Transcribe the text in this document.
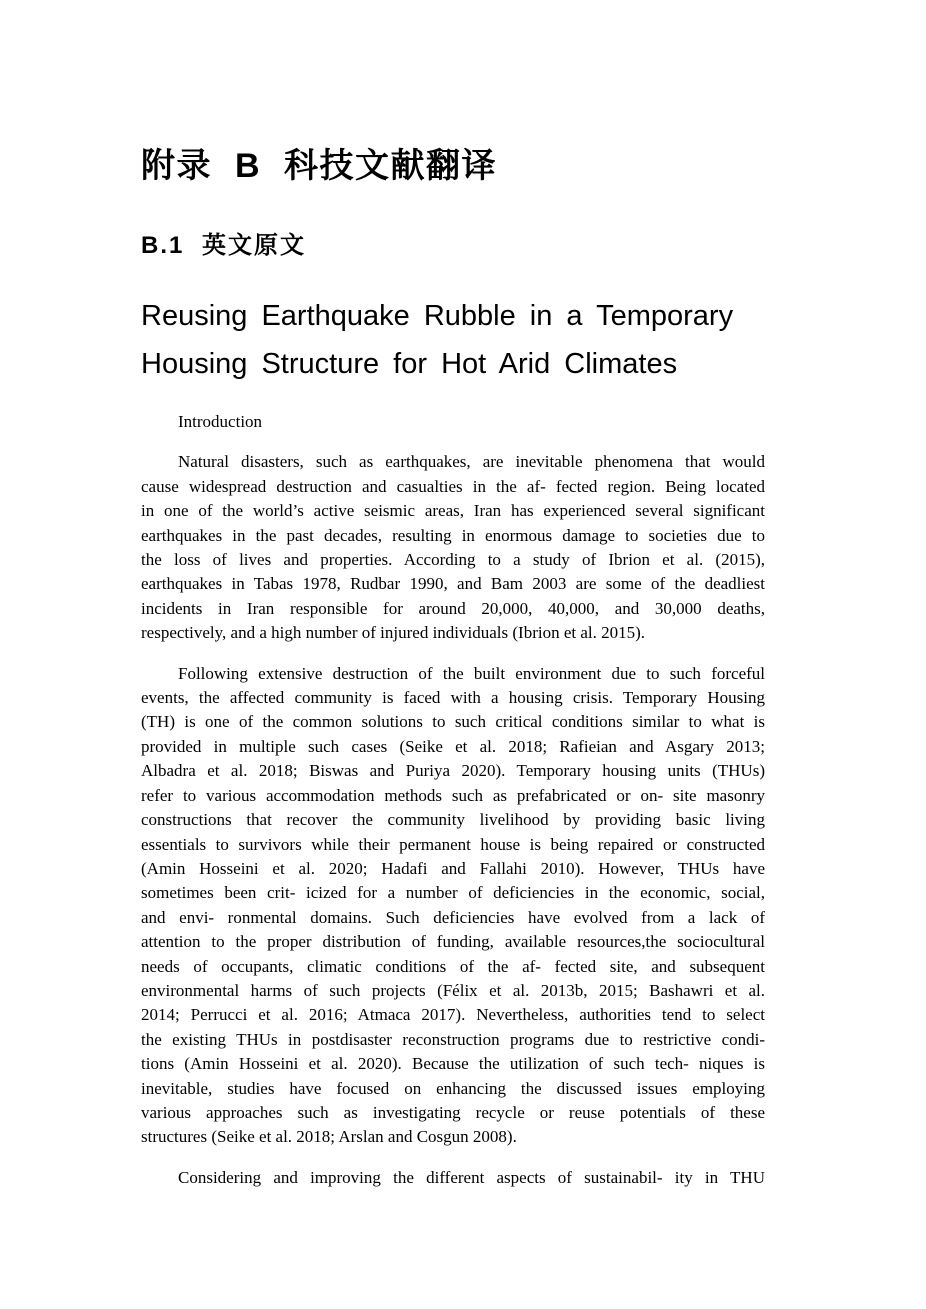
附录 B 科技文献翻译
B.1 英文原文
Reusing Earthquake Rubble in a Temporary
Housing Structure for Hot Arid Climates
Introduction
Natural disasters, such as earthquakes, are inevitable phenomena that would
cause widespread destruction and casualties in the af- fected region. Being located
in one of the world’s active seismic areas, Iran has experienced several significant
earthquakes in the past decades, resulting in enormous damage to societies due to
the loss of lives and properties. According to a study of Ibrion et al. (2015),
earthquakes in Tabas 1978, Rudbar 1990, and Bam 2003 are some of the deadliest
incidents in Iran responsible for around 20,000, 40,000, and 30,000 deaths,
respectively, and a high number of injured individuals (Ibrion et al. 2015).
Following extensive destruction of the built environment due to such forceful
events, the affected community is faced with a housing crisis. Temporary Housing
(TH) is one of the common solutions to such critical conditions similar to what is
provided in multiple such cases (Seike et al. 2018; Rafieian and Asgary 2013;
Albadra et al. 2018; Biswas and Puriya 2020). Temporary housing units (THUs)
refer to various accommodation methods such as prefabricated or on- site masonry
constructions that recover the community livelihood by providing basic living
essentials to survivors while their permanent house is being repaired or constructed
(Amin Hosseini et al. 2020; Hadafi and Fallahi 2010). However, THUs have
sometimes been crit- icized for a number of deficiencies in the economic, social,
and envi- ronmental domains. Such deficiencies have evolved from a lack of
attention to the proper distribution of funding, available resources,the sociocultural
needs of occupants, climatic conditions of the af- fected site, and subsequent
environmental harms of such projects (Félix et al. 2013b, 2015; Bashawri et al.
2014; Perrucci et al. 2016; Atmaca 2017). Nevertheless, authorities tend to select
the existing THUs in postdisaster reconstruction programs due to restrictive condi-
tions (Amin Hosseini et al. 2020). Because the utilization of such tech- niques is
inevitable, studies have focused on enhancing the discussed issues employing
various approaches such as investigating recycle or reuse potentials of these
structures (Seike et al. 2018; Arslan and Cosgun 2008).
Considering and improving the different aspects of sustainabil- ity in THU
